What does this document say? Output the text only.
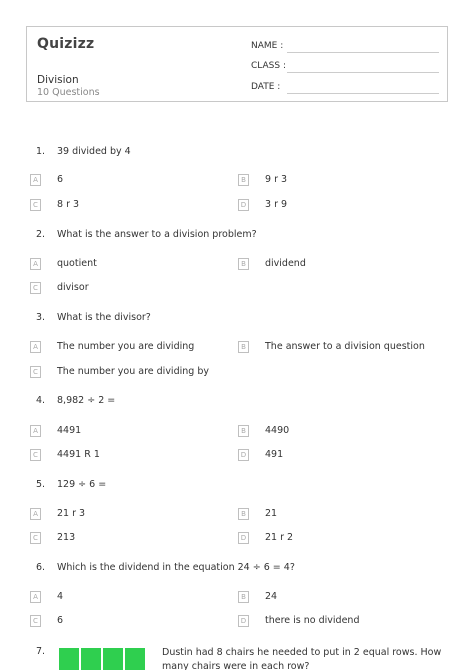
Quizizz
Division
10 Questions
NAME :
CLASS :
DATE :
1. 39 divided by 4
A	6	B	9 r 3
C	8 r 3	D 3 r 9
2. What is the answer to a division problem?
A	quotient	B	dividend
C	divisor
3. What is the divisor?
A	The number you are dividing	B	The answer to a division question
C	The number you are dividing by
4. 8,982 ÷ 2 =
A	4491	B	4490
C	4491 R 1	D 491
5. 129 ÷ 6 =
A	21 r 3	B	21
C	213	D 21 r 2
6. Which is the dividend in the equation 24 ÷ 6 = 4?
A	4	B	24
C	6	D there is no dividend
7.	Dustin had 8 chairs he needed to put in 2 equal rows. How many chairs were in each row?
